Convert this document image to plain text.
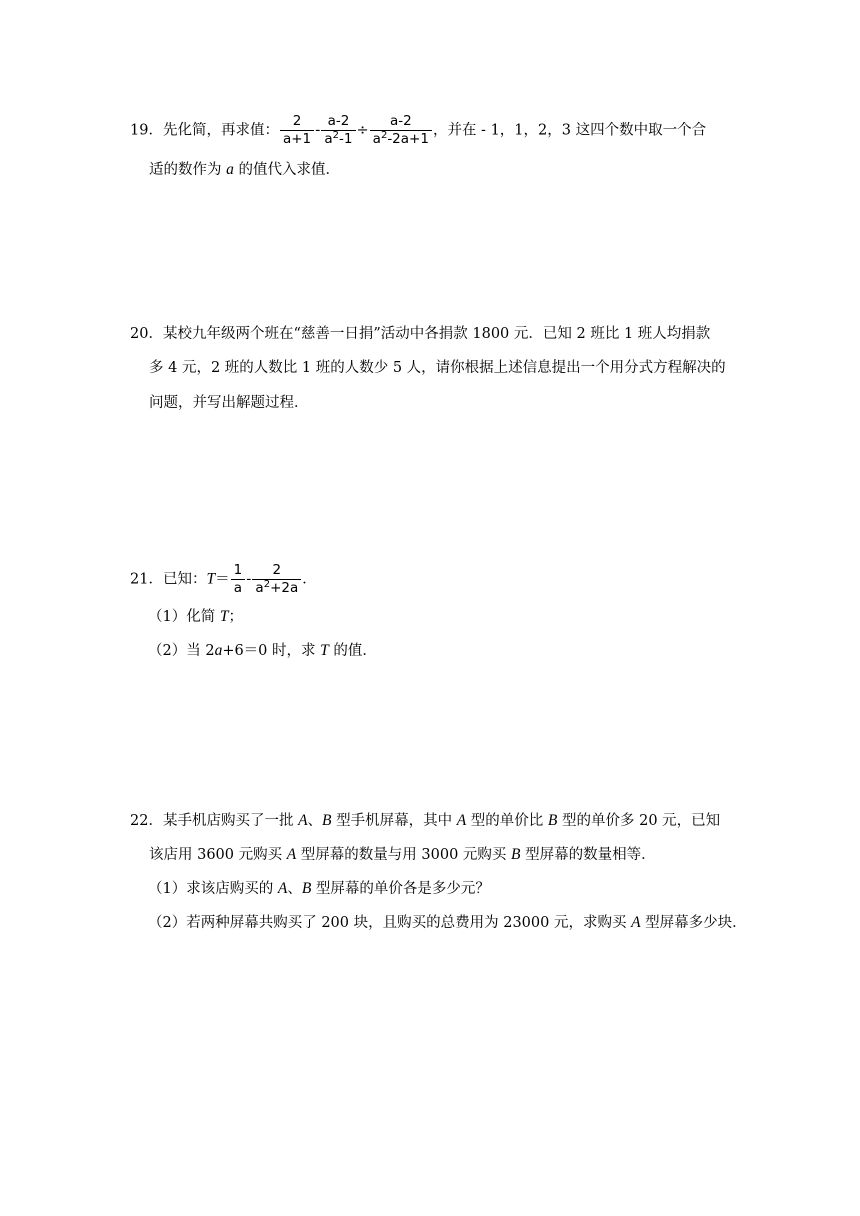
19．先化简，再求值： $\frac{2}{a+1} - \frac{a-2}{a^2-1} \div \frac{a-2}{a^2-2a+1}$ ，并在 - 1，1，2，3 这四个数中取一个合
适的数作为 a 的值代入求值．
20．某校九年级两个班在“慈善一日捐”活动中各捐款 1800 元．已知 2 班比 1 班人均捐款
多 4 元，2 班的人数比 1 班的人数少 5 人，请你根据上述信息提出一个用分式方程解决的
问题，并写出解题过程．
21．已知：$T= \frac{1}{a} - \frac{2}{a^2+2a}$ ．
（1）化简 T；
（2）当 2a+6＝0 时，求 T 的值．
22．某手机店购买了一批 A、B 型手机屏幕，其中 A 型的单价比 B 型的单价多 20 元，已知
该店用 3600 元购买 A 型屏幕的数量与用 3000 元购买 B 型屏幕的数量相等．
（1）求该店购买的 A、B 型屏幕的单价各是多少元？
（2）若两种屏幕共购买了 200 块，且购买的总费用为 23000 元，求购买 A 型屏幕多少块．
